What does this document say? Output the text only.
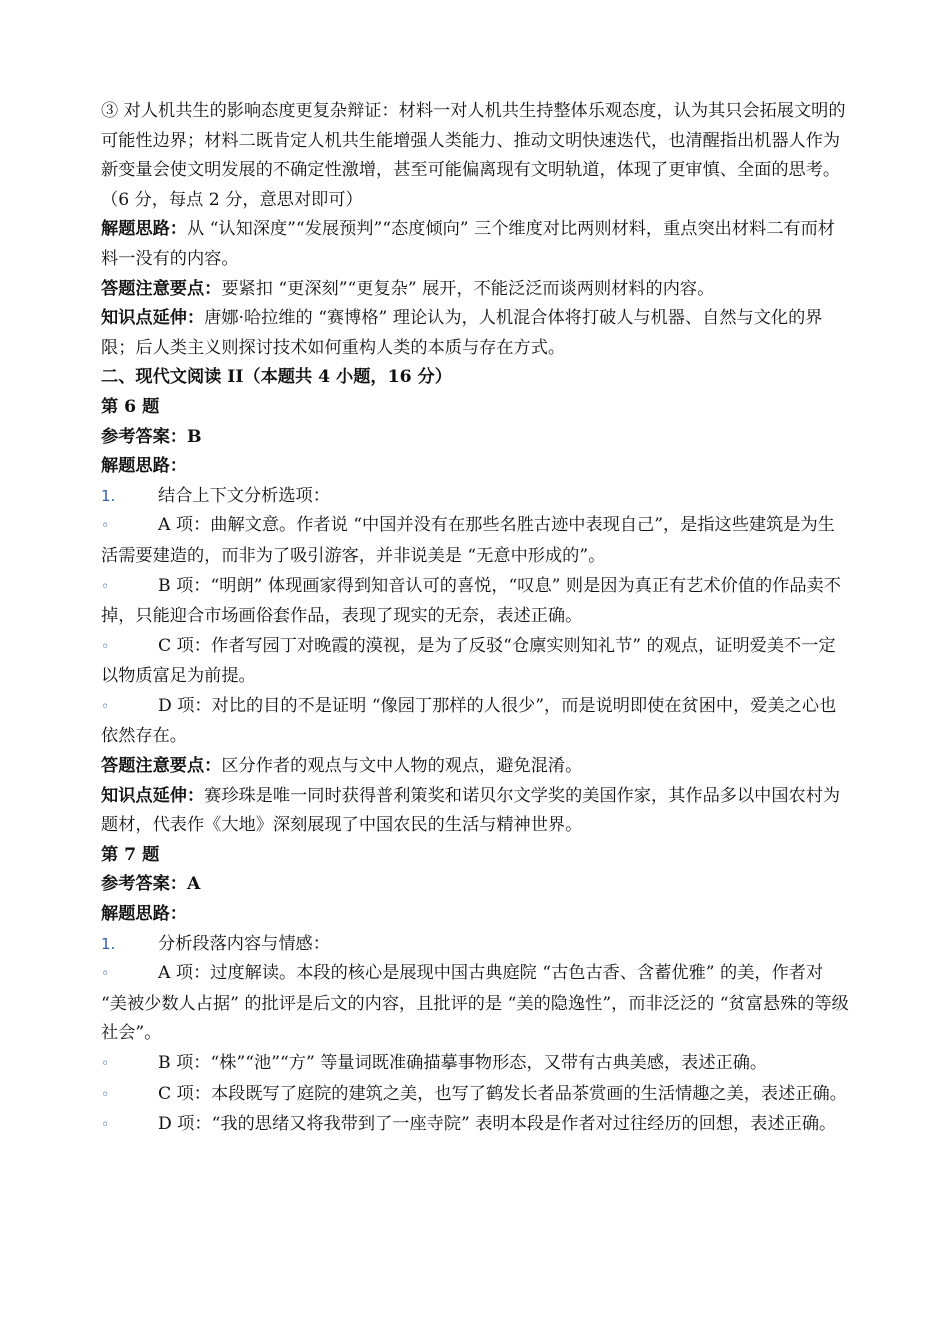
③ 对人机共生的影响态度更复杂辩证：材料一对人机共生持整体乐观态度，认为其只会拓展文明的可能性边界；材料二既肯定人机共生能增强人类能力、推动文明快速迭代，也清醒指出机器人作为新变量会使文明发展的不确定性激增，甚至可能偏离现有文明轨道，体现了更审慎、全面的思考。
（6 分，每点 2 分，意思对即可）
解题思路：从 “认知深度”“发展预判”“态度倾向” 三个维度对比两则材料，重点突出材料二有而材料一没有的内容。
答题注意要点：要紧扣 “更深刻”“更复杂” 展开，不能泛泛而谈两则材料的内容。
知识点延伸：唐娜·哈拉维的 “赛博格” 理论认为，人机混合体将打破人与机器、自然与文化的界限；后人类主义则探讨技术如何重构人类的本质与存在方式。
二、现代文阅读 II（本题共 4 小题，16 分）
第 6 题
参考答案：B
解题思路：
1. 结合上下文分析选项：
◦	A 项：曲解文意。作者说 “中国并没有在那些名胜古迹中表现自己”，是指这些建筑是为生活需要建造的，而非为了吸引游客，并非说美是 “无意中形成的”。
◦	B 项：“明朗” 体现画家得到知音认可的喜悦，“叹息” 则是因为真正有艺术价值的作品卖不掉，只能迎合市场画俗套作品，表现了现实的无奈，表述正确。
◦	C 项：作者写园丁对晚霞的漠视，是为了反驳“仓廪实则知礼节” 的观点，证明爱美不一定以物质富足为前提。
◦	D 项：对比的目的不是证明 “像园丁那样的人很少”，而是说明即使在贫困中，爱美之心也依然存在。
答题注意要点：区分作者的观点与文中人物的观点，避免混淆。
知识点延伸：赛珍珠是唯一同时获得普利策奖和诺贝尔文学奖的美国作家，其作品多以中国农村为题材，代表作《大地》深刻展现了中国农民的生活与精神世界。
第 7 题
参考答案：A
解题思路：
1. 分析段落内容与情感：
◦	A 项：过度解读。本段的核心是展现中国古典庭院 “古色古香、含蓄优雅” 的美，作者对 “美被少数人占据” 的批评是后文的内容，且批评的是 “美的隐逸性”，而非泛泛的 “贫富悬殊的等级社会”。
◦	B 项：“株”“池”“方” 等量词既准确描摹事物形态，又带有古典美感，表述正确。
◦	C 项：本段既写了庭院的建筑之美，也写了鹤发长者品茶赏画的生活情趣之美，表述正确。
◦	D 项：“我的思绪又将我带到了一座寺院” 表明本段是作者对过往经历的回想，表述正确。
